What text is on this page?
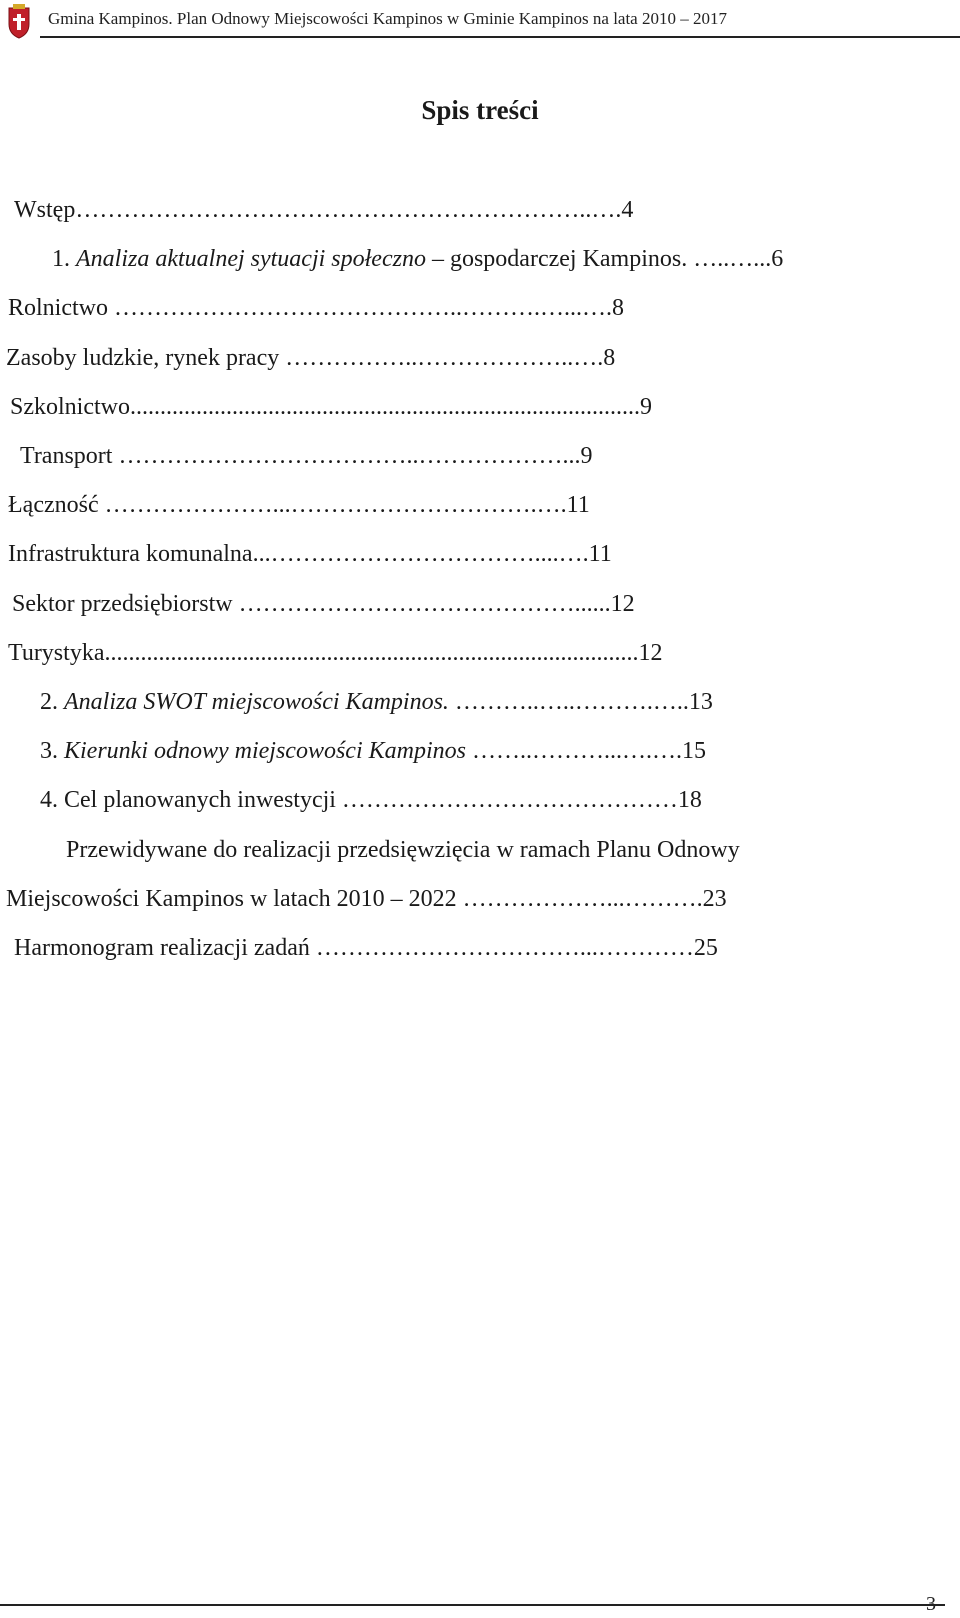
Gmina Kampinos. Plan Odnowy Miejscowości Kampinos w Gminie Kampinos na lata 2010 – 2017
Spis treści
Wstęp………………………………………………………..….4
1. Analiza aktualnej sytuacji społeczno – gospodarczej Kampinos. …..…...6
Rolnictwo ……………………………………..……….…...….8
Zasoby ludzkie, rynek pracy ……………..………………..….8
Szkolnictwo.....................................................................................9
Transport ………………………………..………………...9
Łączność …………………...………………………….….11
Infrastruktura komunalna...……………………………....….11
Sektor przedsiębiorstw ……………………………………......12
Turystyka.........................................................................................12
2. Analiza SWOT miejscowości Kampinos. ………..…..……….…..13
3. Kierunki odnowy miejscowości Kampinos ……..………...….….15
4. Cel planowanych inwestycji ……………………………………18
Przewidywane do realizacji przedsięwzięcia w ramach Planu Odnowy
Miejscowości Kampinos w latach 2010 – 2022 ………………...……….23
Harmonogram realizacji zadań ……………………………...…………25
3
